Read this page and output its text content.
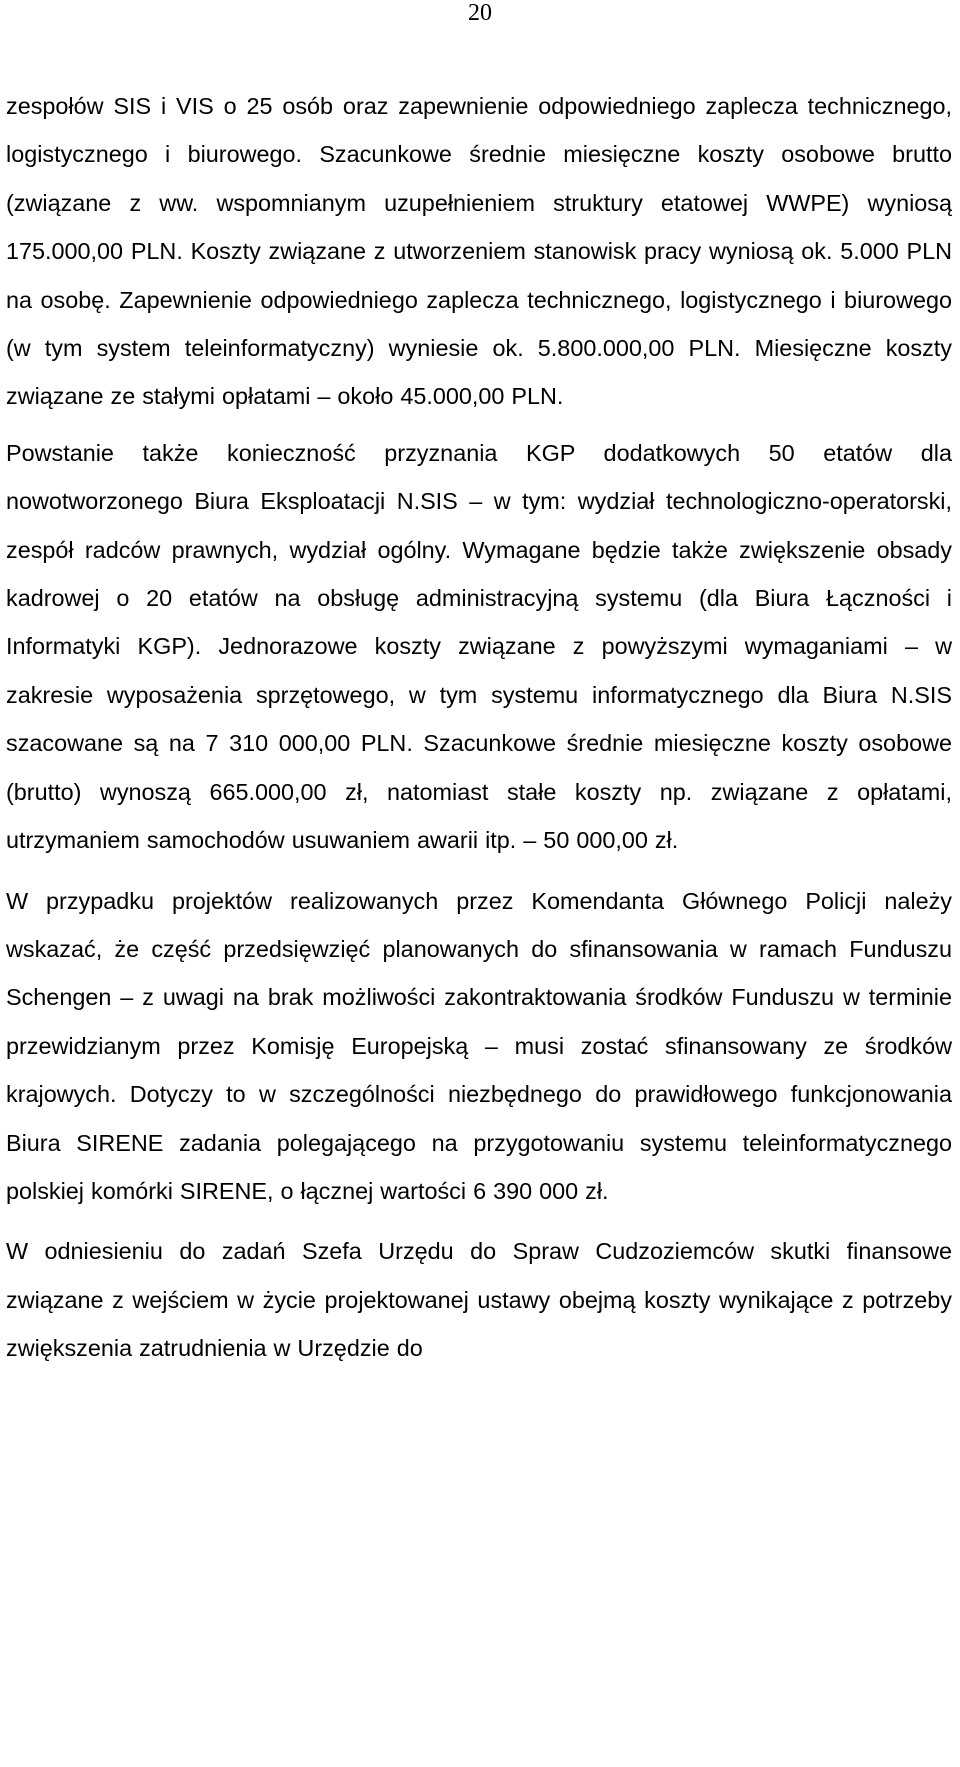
20

zespołów SIS i VIS o 25 osób oraz zapewnienie odpowiedniego zaplecza technicznego, logistycznego i biurowego. Szacunkowe średnie miesięczne koszty osobowe brutto (związane z ww. wspomnianym uzupełnieniem struktury etatowej WWPE) wyniosą 175.000,00 PLN. Koszty związane z utworzeniem stanowisk pracy wyniosą ok. 5.000 PLN na osobę. Zapewnienie odpowiedniego zaplecza technicznego, logistycznego i biurowego (w tym system teleinformatyczny) wyniesie ok. 5.800.000,00 PLN. Miesięczne koszty związane ze stałymi opłatami – około 45.000,00 PLN.

Powstanie także konieczność przyznania KGP dodatkowych 50 etatów dla nowotworzonego Biura Eksploatacji N.SIS – w tym: wydział technologiczno-operatorski, zespół radców prawnych, wydział ogólny. Wymagane będzie także zwiększenie obsady kadrowej o 20 etatów na obsługę administracyjną systemu (dla Biura Łączności i Informatyki KGP). Jednorazowe koszty związane z powyższymi wymaganiami – w zakresie wyposażenia sprzętowego, w tym systemu informatycznego dla Biura N.SIS szacowane są na 7 310 000,00 PLN. Szacunkowe średnie miesięczne koszty osobowe (brutto) wynoszą 665.000,00 zł, natomiast stałe koszty np. związane z opłatami, utrzymaniem samochodów usuwaniem awarii itp. – 50 000,00 zł.

W przypadku projektów realizowanych przez Komendanta Głównego Policji należy wskazać, że część przedsięwzięć planowanych do sfinansowania w ramach Funduszu Schengen – z uwagi na brak możliwości zakontraktowania środków Funduszu w terminie przewidzianym przez Komisję Europejską – musi zostać sfinansowany ze środków krajowych. Dotyczy to w szczególności niezbędnego do prawidłowego funkcjonowania Biura SIRENE zadania polegającego na przygotowaniu systemu teleinformatycznego polskiej komórki SIRENE, o łącznej wartości 6 390 000 zł.

W odniesieniu do zadań Szefa Urzędu do Spraw Cudzoziemców skutki finansowe związane z wejściem w życie projektowanej ustawy obejmą koszty wynikające z potrzeby zwiększenia zatrudnienia w Urzędzie do
